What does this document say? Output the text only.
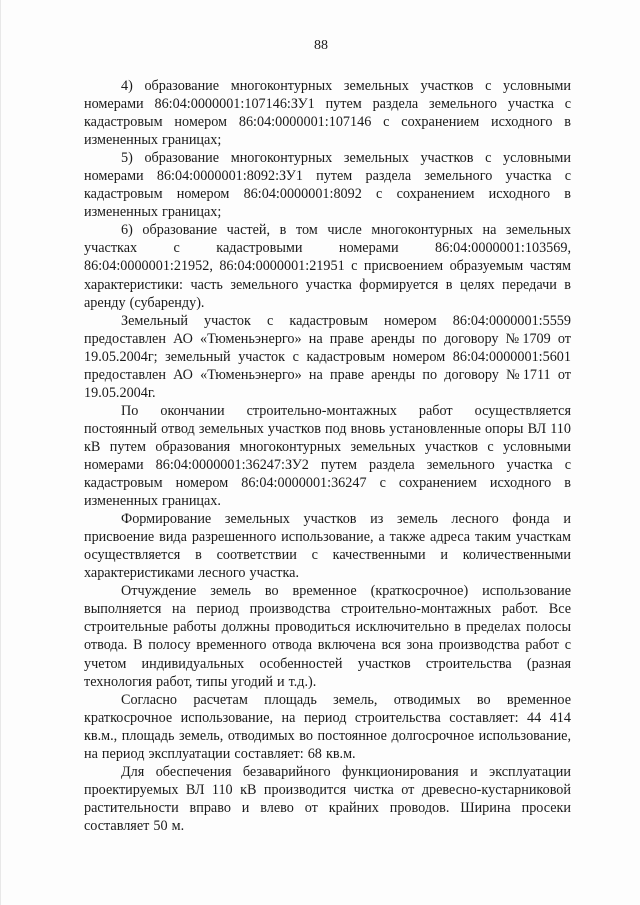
88

4) образование многоконтурных земельных участков с условными номерами 86:04:0000001:107146:ЗУ1 путем раздела земельного участка с кадастровым номером 86:04:0000001:107146 с сохранением исходного в измененных границах;

5) образование многоконтурных земельных участков с условными номерами 86:04:0000001:8092:ЗУ1 путем раздела земельного участка с кадастровым номером 86:04:0000001:8092 с сохранением исходного в измененных границах;

6) образование частей, в том числе многоконтурных на земельных участках с кадастровыми номерами 86:04:0000001:103569, 86:04:0000001:21952, 86:04:0000001:21951 с присвоением образуемым частям характеристики: часть земельного участка формируется в целях передачи в аренду (субаренду).

Земельный участок с кадастровым номером 86:04:0000001:5559 предоставлен АО «Тюменьэнерго» на праве аренды по договору №1709 от 19.05.2004г; земельный участок с кадастровым номером 86:04:0000001:5601 предоставлен АО «Тюменьэнерго» на праве аренды по договору №1711 от 19.05.2004г.

По окончании строительно-монтажных работ осуществляется постоянный отвод земельных участков под вновь установленные опоры ВЛ 110 кВ путем образования многоконтурных земельных участков с условными номерами 86:04:0000001:36247:ЗУ2 путем раздела земельного участка с кадастровым номером 86:04:0000001:36247 с сохранением исходного в измененных границах.

Формирование земельных участков из земель лесного фонда и присвоение вида разрешенного использование, а также адреса таким участкам осуществляется в соответствии с качественными и количественными характеристиками лесного участка.

Отчуждение земель во временное (краткосрочное) использование выполняется на период производства строительно-монтажных работ. Все строительные работы должны проводиться исключительно в пределах полосы отвода. В полосу временного отвода включена вся зона производства работ с учетом индивидуальных особенностей участков строительства (разная технология работ, типы угодий и т.д.).

Согласно расчетам площадь земель, отводимых во временное краткосрочное использование, на период строительства составляет: 44 414 кв.м., площадь земель, отводимых во постоянное долгосрочное использование, на период эксплуатации составляет: 68 кв.м.

Для обеспечения безаварийного функционирования и эксплуатации проектируемых ВЛ 110 кВ производится чистка от древесно-кустарниковой растительности вправо и влево от крайних проводов. Ширина просеки составляет 50 м.
